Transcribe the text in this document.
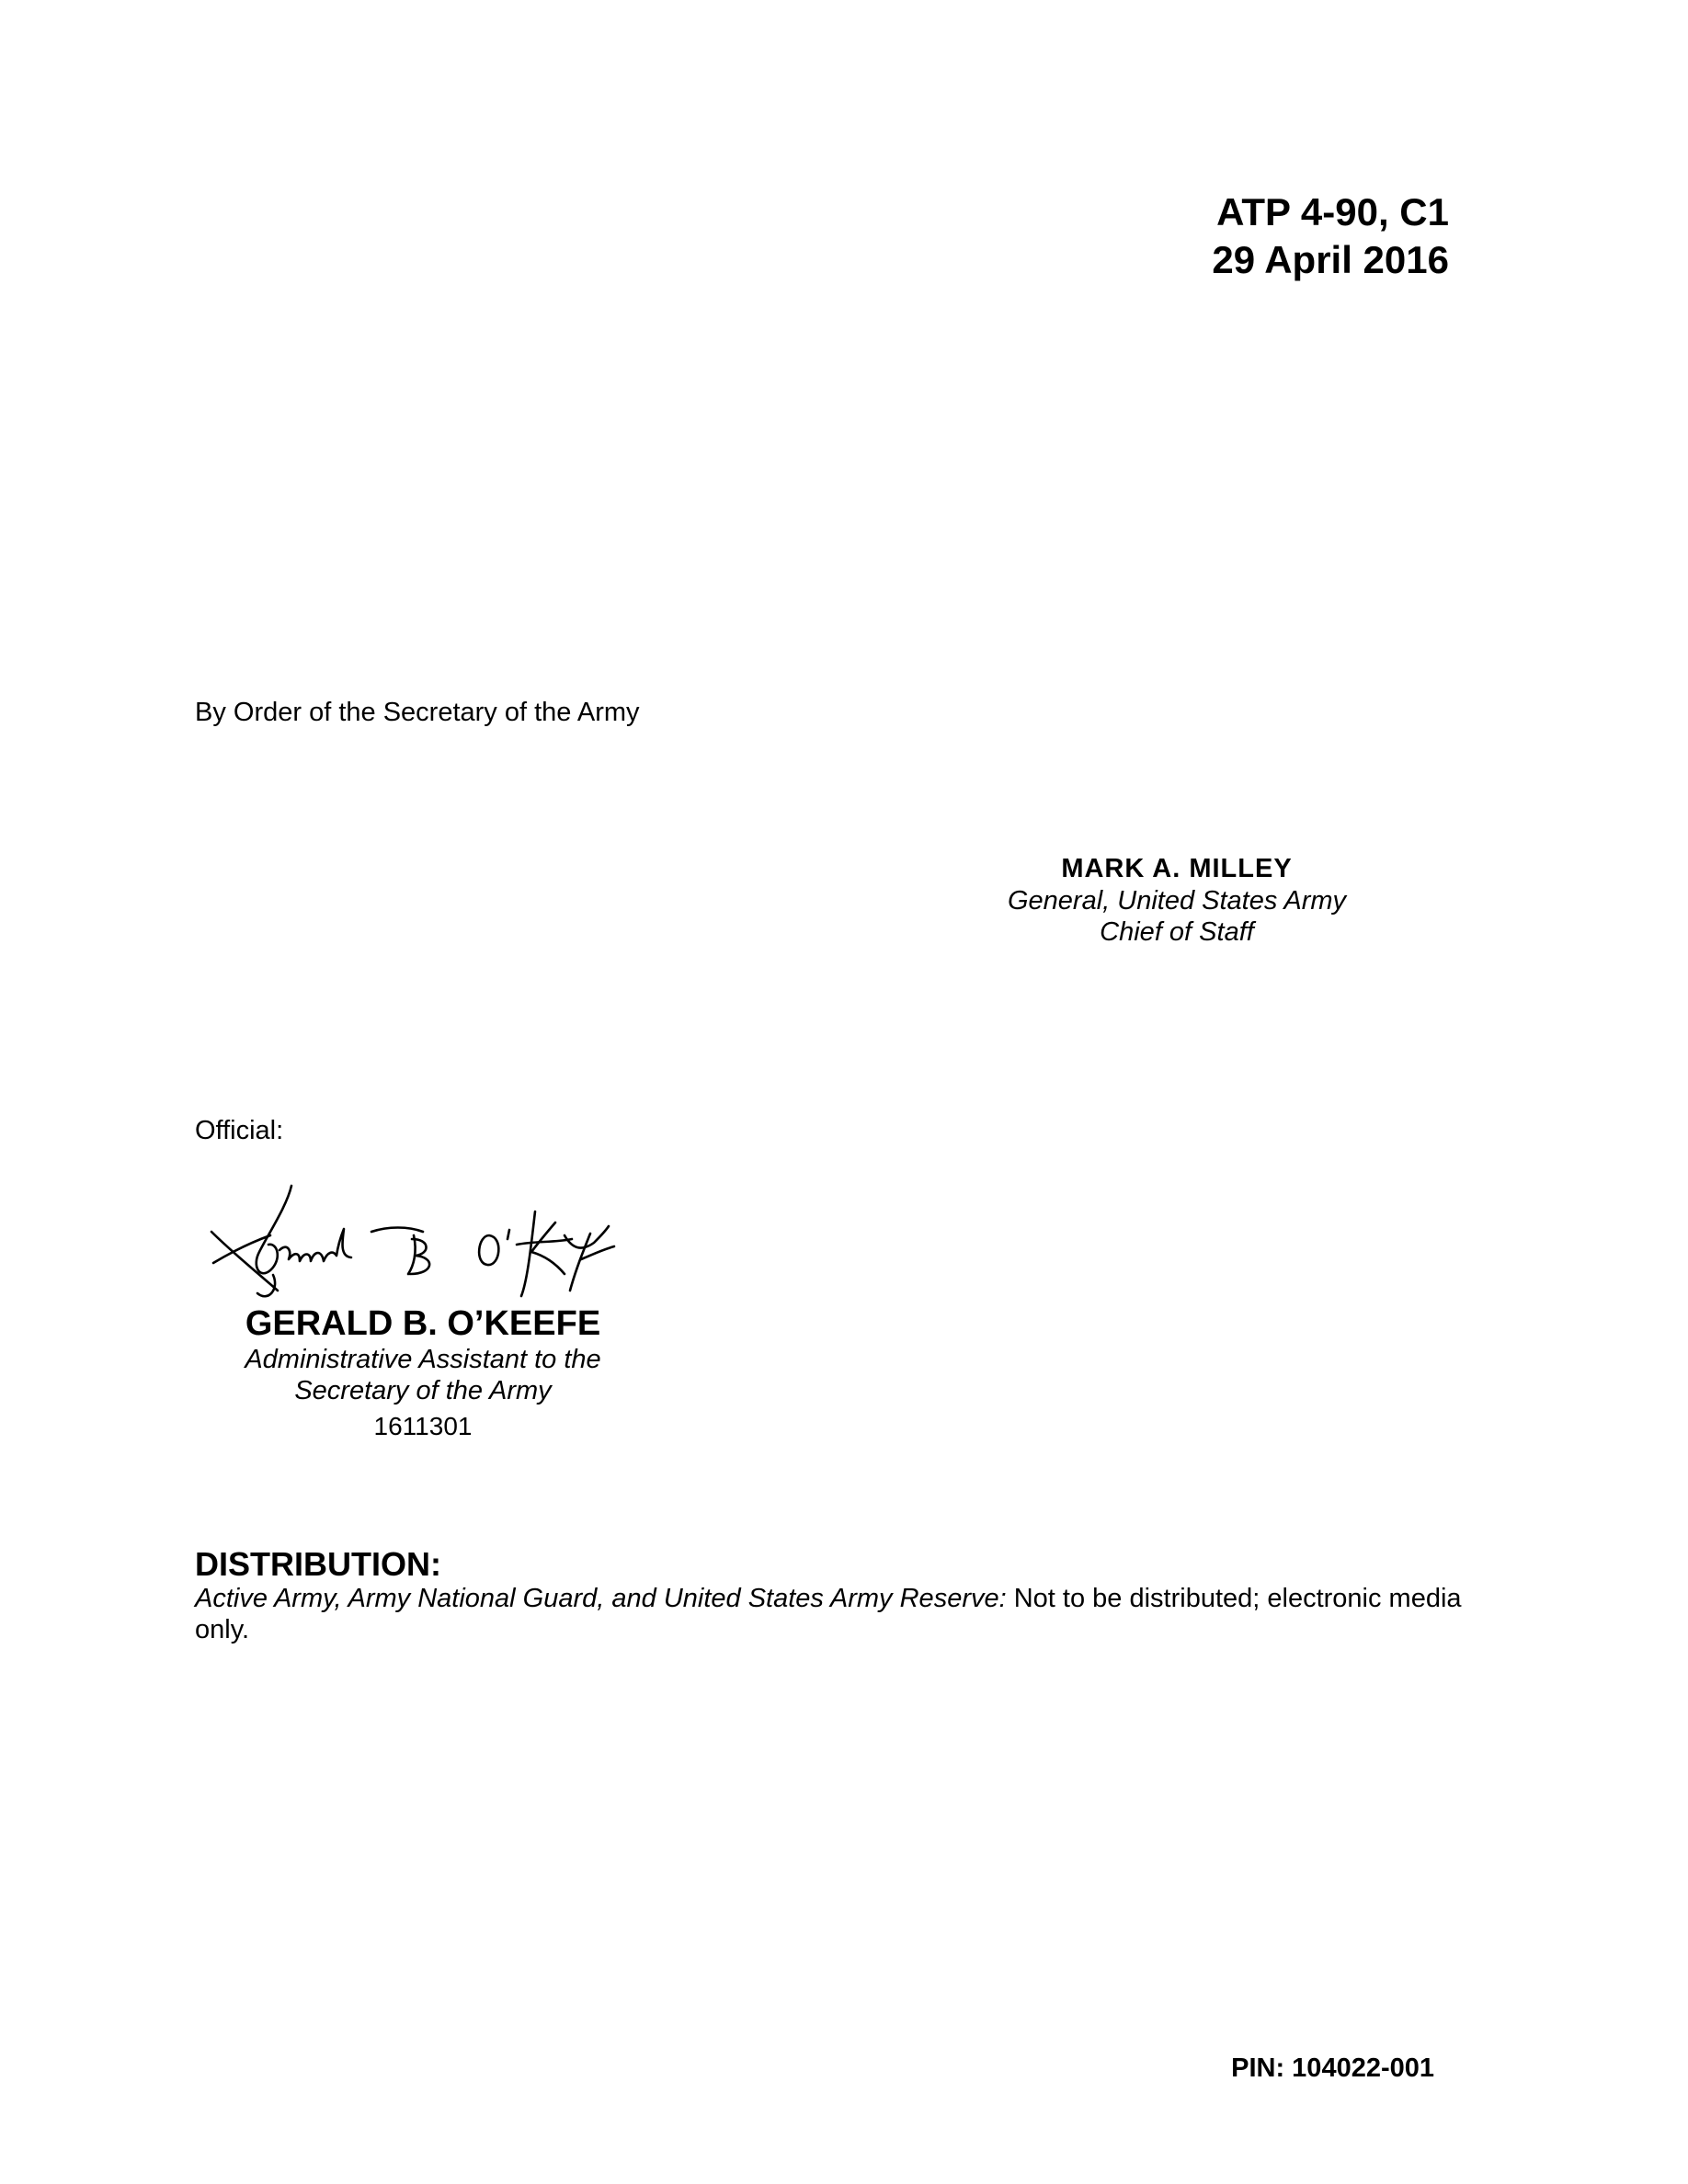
ATP 4-90, C1
29 April 2016
By Order of the Secretary of the Army
MARK A. MILLEY
General, United States Army
Chief of Staff
Official:
GERALD B. O’KEEFE
Administrative Assistant to the
Secretary of the Army
1611301
DISTRIBUTION:
Active Army, Army National Guard, and United States Army Reserve: Not to be distributed; electronic media only.
PIN: 104022-001
